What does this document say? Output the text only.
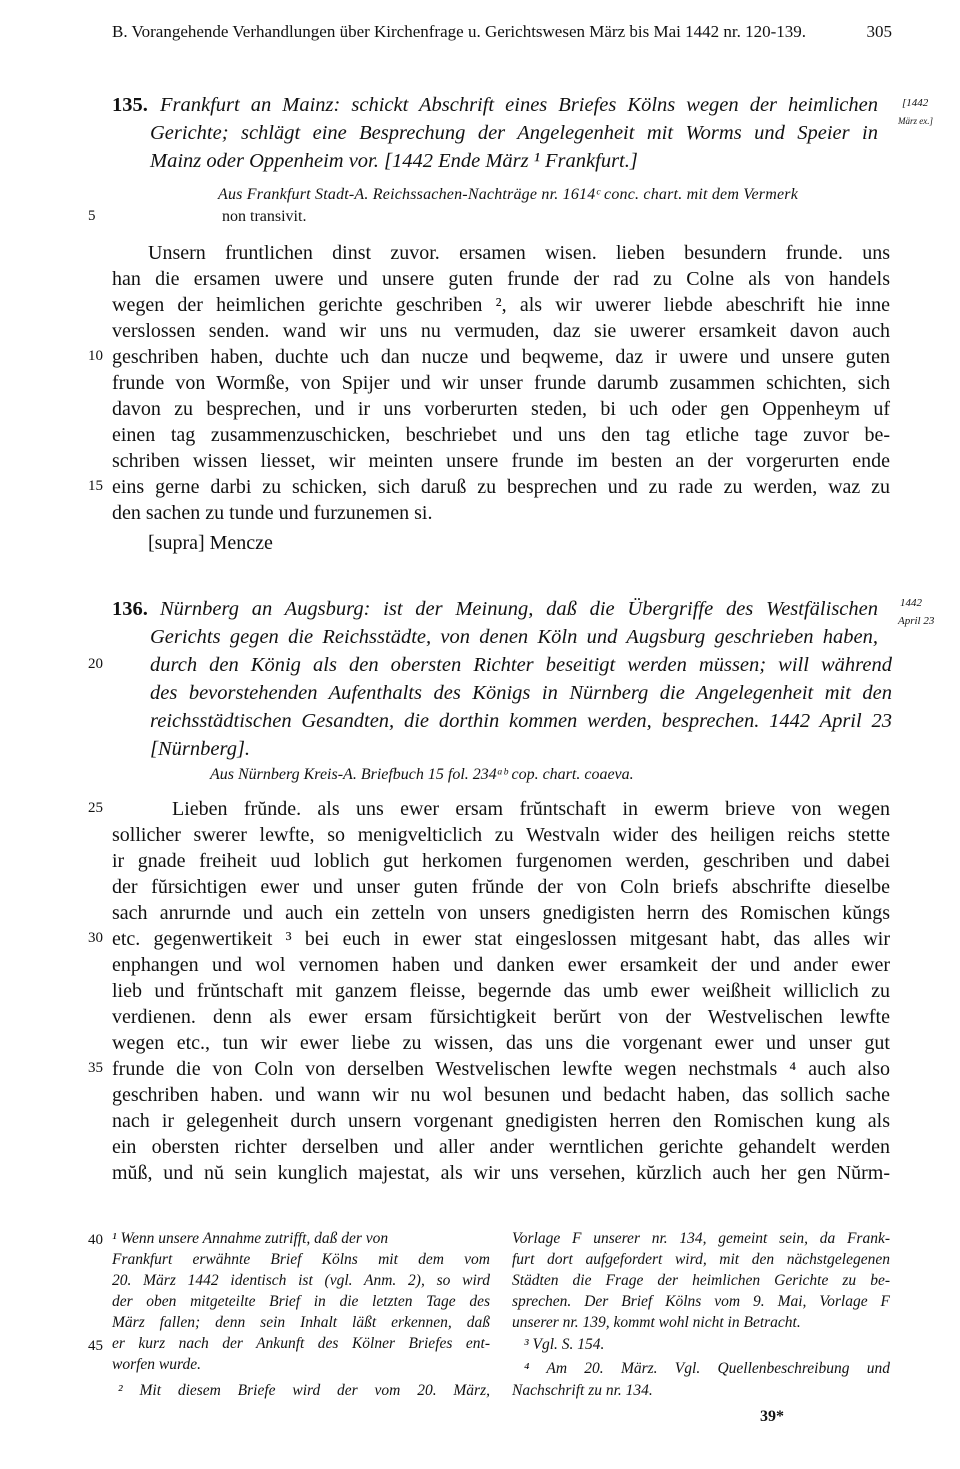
B. Vorangehende Verhandlungen über Kirchenfrage u. Gerichtswesen März bis Mai 1442 nr. 120-139.	305
135. Frankfurt an Mainz: schickt Abschrift eines Briefes Kölns wegen der heimlichen
Gerichte; schlägt eine Besprechung der Angelegenheit mit Worms und Speier in
Mainz oder Oppenheim vor. [1442 Ende März ¹ Frankfurt.]
[1442
März ex.]
Aus Frankfurt Stadt-A. Reichssachen-Nachträge nr. 1614ᶜ conc. chart. mit dem Vermerk
non transivit.
Unsern fruntlichen dinst zuvor. ersamen wisen. lieben besundern frunde. uns
han die ersamen uwere und unsere guten frunde der rad zu Colne als von handels
wegen der heimlichen gerichte geschriben ², als wir uwerer liebde abeschrift hie inne
verslossen senden. wand wir uns nu vermuden, daz sie uwerer ersamkeit davon auch
geschriben haben, duchte uch dan nucze und beqweme, daz ir uwere und unsere guten
frunde von Wormße, von Spijer und wir unser frunde darumb zusammen schichten, sich
davon zu besprechen, und ir uns vorberurten steden, bi uch oder gen Oppenheym uf
einen tag zusammenzuschicken, beschriebet und uns den tag etliche tage zuvor be-
schriben wissen liesset, wir meinten unsere frunde im besten an der vorgerurten ende
eins gerne darbi zu schicken, sich daruß zu besprechen und zu rade zu werden, waz zu
den sachen zu tunde und furzunemen si.
[supra] Mencze
136. Nürnberg an Augsburg: ist der Meinung, daß die Übergriffe des Westfälischen
Gerichts gegen die Reichsstädte, von denen Köln und Augsburg geschrieben haben,
durch den König als den obersten Richter beseitigt werden müssen; will während
des bevorstehenden Aufenthalts des Königs in Nürnberg die Angelegenheit mit den
reichsstädtischen Gesandten, die dorthin kommen werden, besprechen. 1442 April 23
[Nürnberg].
1442
April 23
Aus Nürnberg Kreis-A. Briefbuch 15 fol. 234ᵃᵇ cop. chart. coaeva.
Lieben frŭnde. als uns ewer ersam frŭntschaft in ewerm brieve von wegen
sollicher swerer lewfte, so menigvelticlich zu Westvaln wider des heiligen reichs stette
ir gnade freiheit uud loblich gut herkomen furgenomen werden, geschriben und dabei
der fŭrsichtigen ewer und unser guten frŭnde der von Coln briefs abschrifte dieselbe
sach anrurnde und auch ein zetteln von unsers gnedigisten herrn des Romischen kŭngs
etc. gegenwertikeit ³ bei euch in ewer stat eingeslossen mitgesant habt, das alles wir
enphangen und wol vernomen haben und danken ewer ersamkeit der und ander ewer
lieb und frŭntschaft mit ganzem fleisse, begernde das umb ewer weißheit williclich zu
verdienen. denn als ewer ersam fŭrsichtigkeit berŭrt von der Westvelischen lewfte
wegen etc., tun wir ewer liebe zu wissen, das uns die vorgenant ewer und unser gut
frunde die von Coln von derselben Westvelischen lewfte wegen nechstmals ⁴ auch also
geschriben haben. und wann wir nu wol besunen und bedacht haben, das sollich sache
nach ir gelegenheit durch unsern vorgenant gnedigisten herren den Romischen kung als
ein obersten richter derselben und aller ander werntlichen gerichte gehandelt werden
mŭß, und nŭ sein kunglich majestat, als wir uns versehen, kŭrzlich auch her gen Nŭrm-
5
10
15
20
25
30
35
40
45
¹ Wenn unsere Annahme zutrifft, daß der von
Frankfurt erwähnte Brief Kölns mit dem vom
20. März 1442 identisch ist (vgl. Anm. 2), so wird
der oben mitgeteilte Brief in die letzten Tage des
März fallen; denn sein Inhalt läßt erkennen, daß
er kurz nach der Ankunft des Kölner Briefes ent-
worfen wurde.
² Mit diesem Briefe wird der vom 20. März,
Vorlage F unserer nr. 134, gemeint sein, da Frank-
furt dort aufgefordert wird, mit den nächstgelegenen
Städten die Frage der heimlichen Gerichte zu be-
sprechen. Der Brief Kölns vom 9. Mai, Vorlage F
unserer nr. 139, kommt wohl nicht in Betracht.
³ Vgl. S. 154.
⁴ Am 20. März. Vgl. Quellenbeschreibung und
Nachschrift zu nr. 134.
39*
